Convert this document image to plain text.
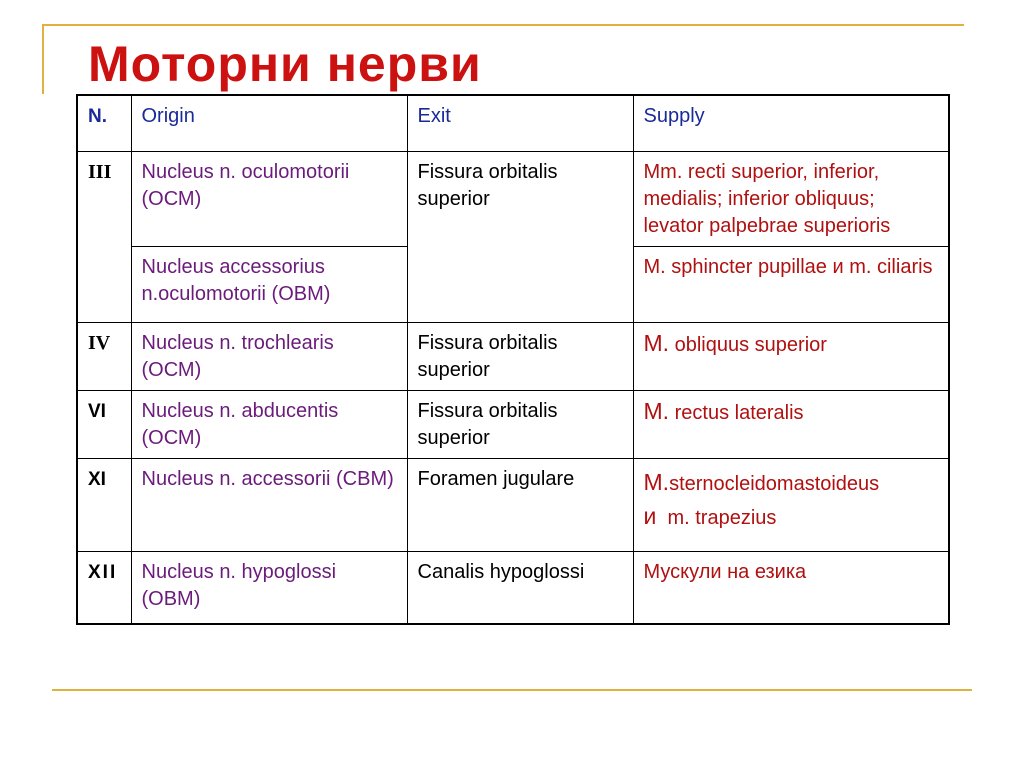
Моторни нерви
N.	Origin	Exit	Supply
III	Nucleus n. oculomotorii (ОСМ)	Fissura orbitalis superior	Mm. recti superior, inferior, medialis; inferior obliquus; levator palpebrae superioris
	Nucleus accessorius n.oculomotorii (ОВМ)		M. sphincter pupillae и m. ciliaris
IV	Nucleus n. trochlearis (ОСМ)	Fissura orbitalis superior	M. obliquus superior
VI	Nucleus n. abducentis (ОСМ)	Fissura orbitalis superior	M. rectus lateralis
XI	Nucleus n. accessorii (СВМ)	Foramen jugulare	M.sternocleidomastoideus
и  m. trapezius
XII	Nucleus n. hypoglossi (ОВМ)	Canalis hypoglossi	Мускули на езика
